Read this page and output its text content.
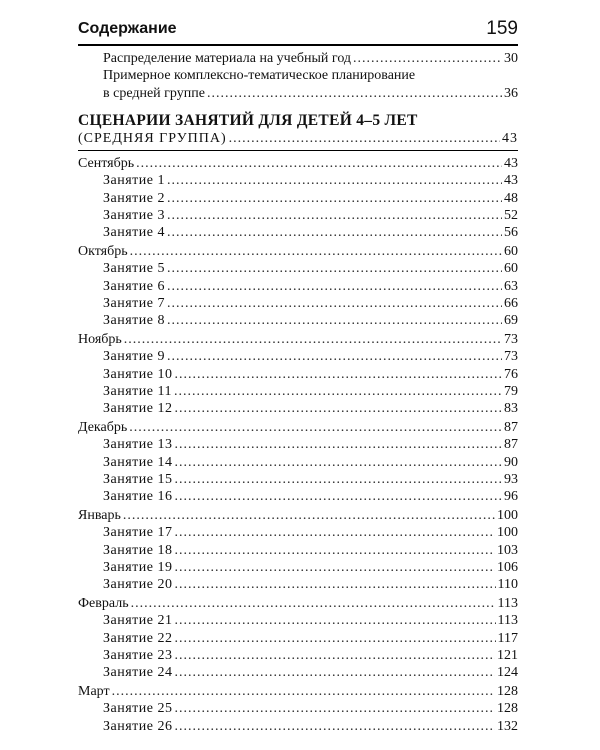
Содержание	159
Распределение материала на учебный год .....	30
Примерное комплексно-тематическое планирование
в средней группе .....	36
СЦЕНАРИИ ЗАНЯТИЙ ДЛЯ ДЕТЕЙ 4–5 ЛЕТ
(СРЕДНЯЯ ГРУППА) .....	43
Сентябрь .....	43
Занятие 1 .....	43
Занятие 2 .....	48
Занятие 3 .....	52
Занятие 4 .....	56
Октябрь .....	60
Занятие 5 .....	60
Занятие 6 .....	63
Занятие 7 .....	66
Занятие 8 .....	69
Ноябрь .....	73
Занятие 9 .....	73
Занятие 10 .....	76
Занятие 11 .....	79
Занятие 12 .....	83
Декабрь .....	87
Занятие 13 .....	87
Занятие 14 .....	90
Занятие 15 .....	93
Занятие 16 .....	96
Январь .....	100
Занятие 17 .....	100
Занятие 18 .....	103
Занятие 19 .....	106
Занятие 20 .....	110
Февраль .....	113
Занятие 21 .....	113
Занятие 22 .....	117
Занятие 23 .....	121
Занятие 24 .....	124
Март .....	128
Занятие 25 .....	128
Занятие 26 .....	132
